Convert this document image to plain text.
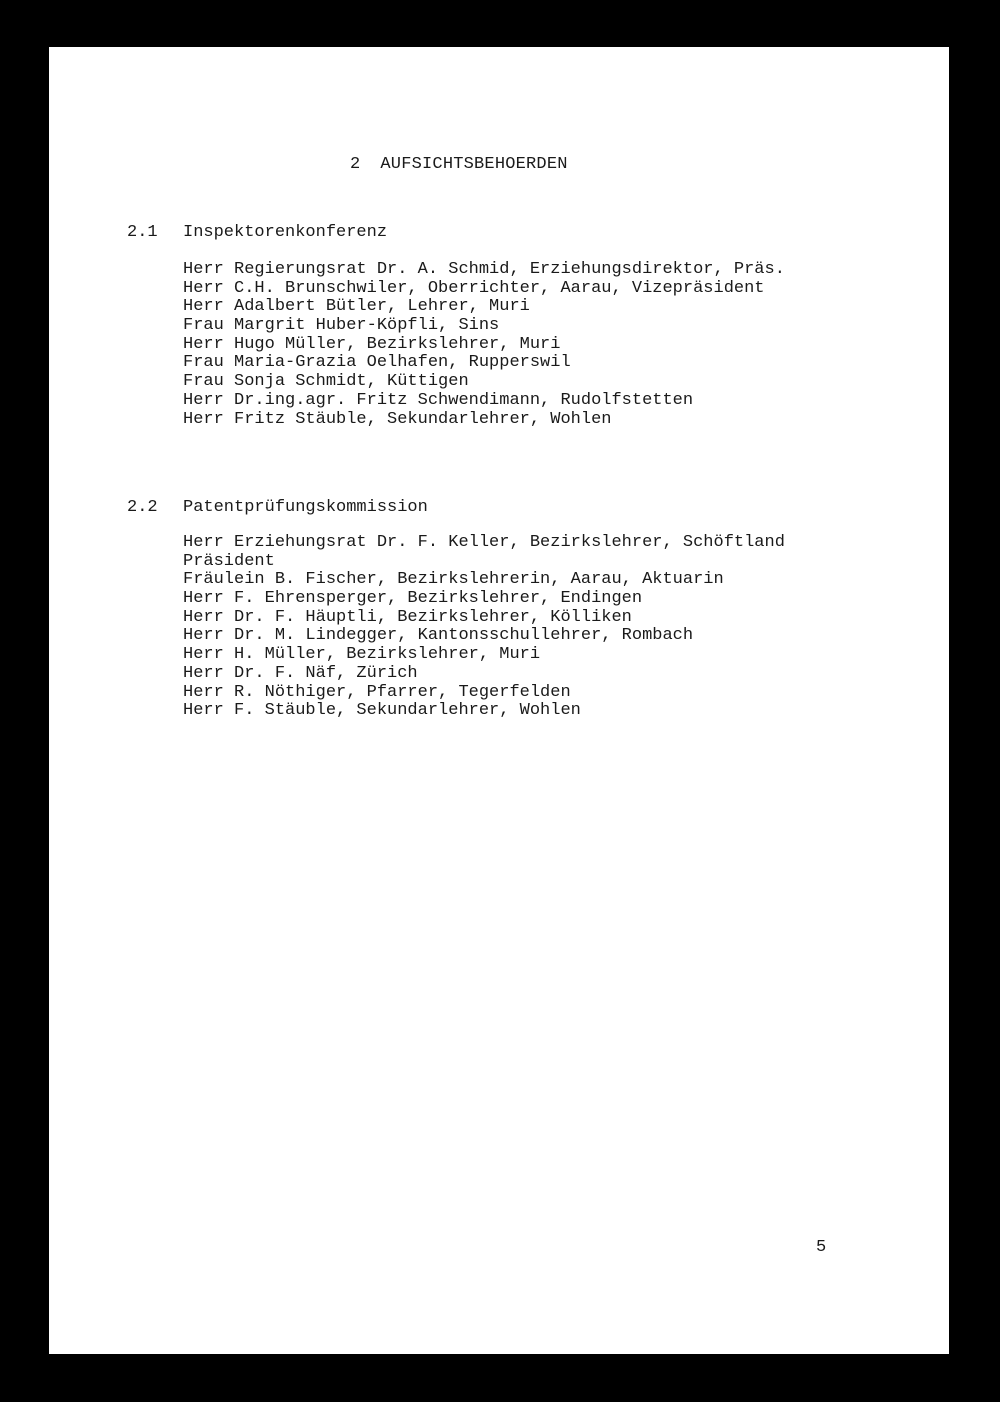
2 AUFSICHTSBEHOERDEN
2.1 Inspektorenkonferenz
Herr Regierungsrat Dr. A. Schmid, Erziehungsdirektor, Präs.
Herr C.H. Brunschwiler, Oberrichter, Aarau, Vizepräsident
Herr Adalbert Bütler, Lehrer, Muri
Frau Margrit Huber-Köpfli, Sins
Herr Hugo Müller, Bezirkslehrer, Muri
Frau Maria-Grazia Oelhafen, Rupperswil
Frau Sonja Schmidt, Küttigen
Herr Dr.ing.agr. Fritz Schwendimann, Rudolfstetten
Herr Fritz Stäuble, Sekundarlehrer, Wohlen
2.2 Patentprüfungskommission
Herr Erziehungsrat Dr. F. Keller, Bezirkslehrer, Schöftland
Präsident
Fräulein B. Fischer, Bezirkslehrerin, Aarau, Aktuarin
Herr F. Ehrensperger, Bezirkslehrer, Endingen
Herr Dr. F. Häuptli, Bezirkslehrer, Kölliken
Herr Dr. M. Lindegger, Kantonsschullehrer, Rombach
Herr H. Müller, Bezirkslehrer, Muri
Herr Dr. F. Näf, Zürich
Herr R. Nöthiger, Pfarrer, Tegerfelden
Herr F. Stäuble, Sekundarlehrer, Wohlen
5
